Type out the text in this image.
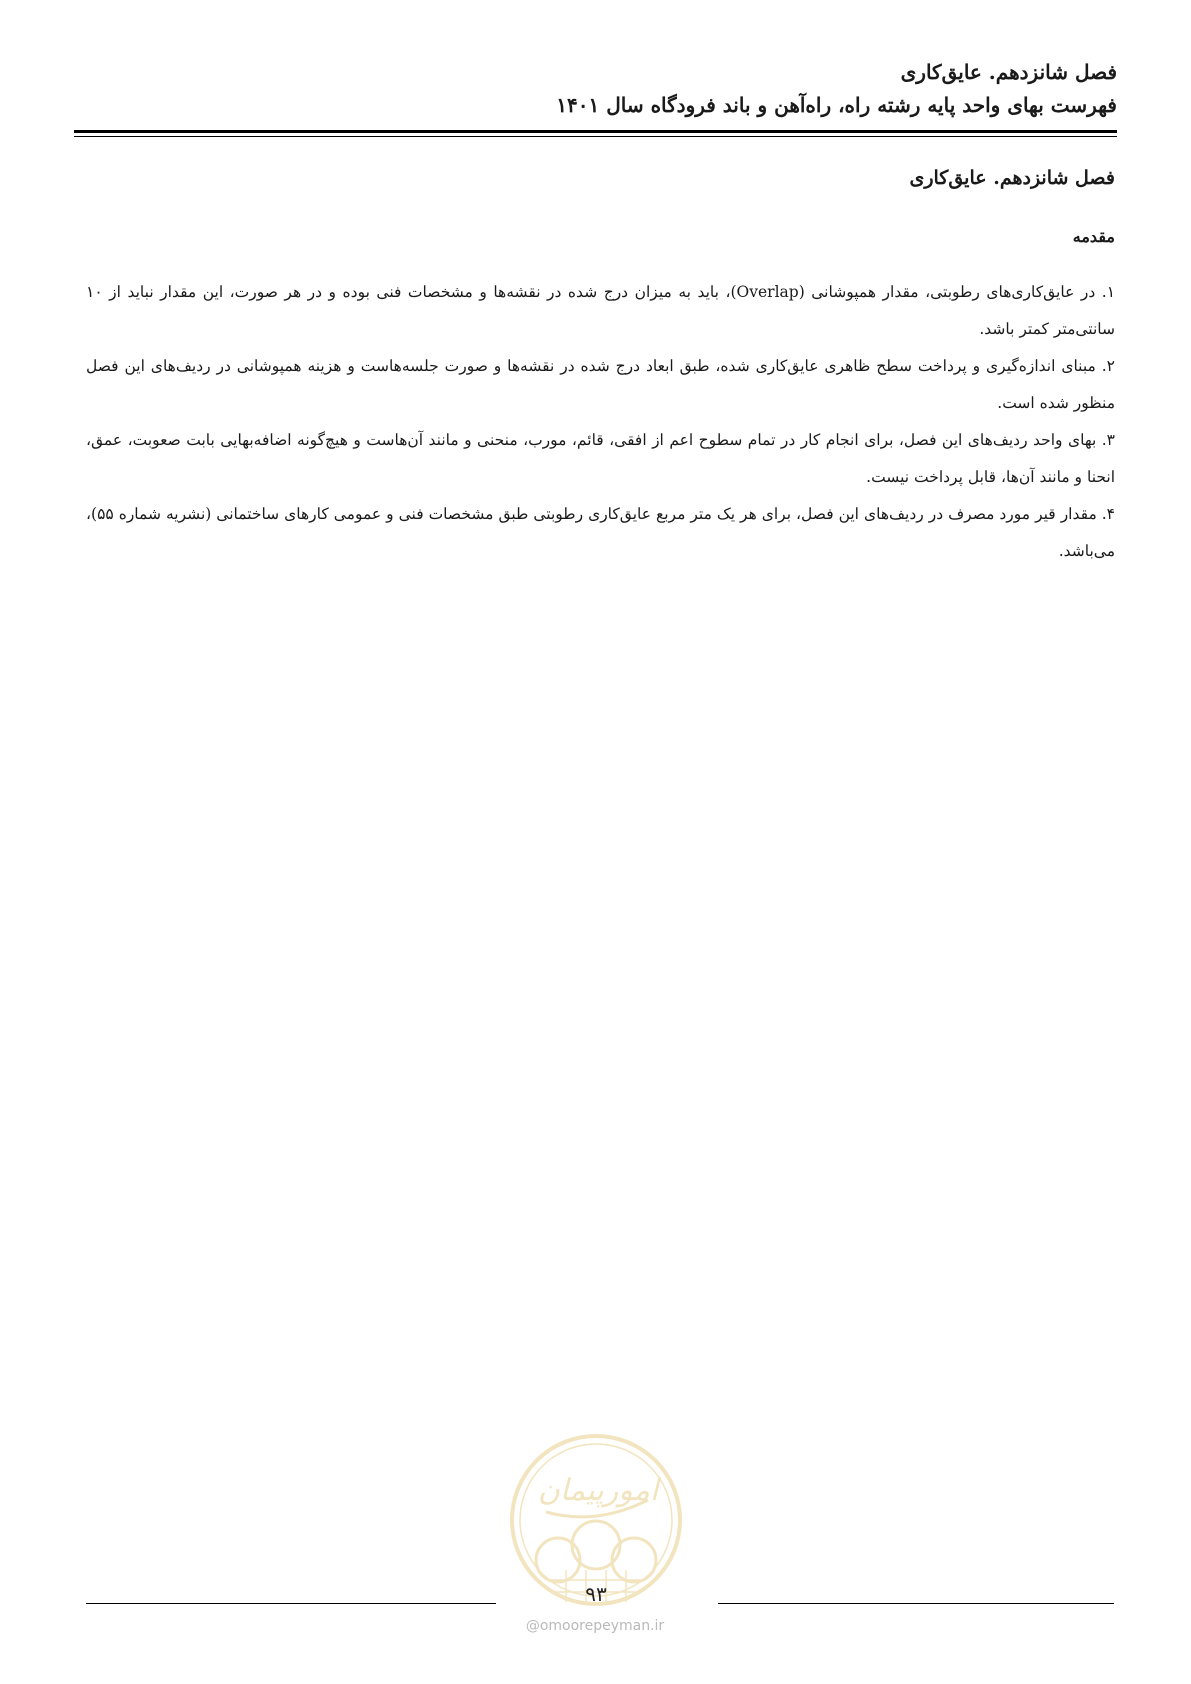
فصل شانزدهم. عایق‌کاری
فهرست بهای واحد پایه رشته راه، راه‌آهن و باند فرودگاه سال ۱۴۰۱
فصل شانزدهم. عایق‌کاری
مقدمه

۱. در عایق‌کاری‌های رطوبتی، مقدار همپوشانی (Overlap)، باید به میزان درج شده در نقشه‌ها و مشخصات فنی بوده و در هر صورت، این مقدار نباید از ۱۰ سانتی‌متر کمتر باشد.

۲. مبنای اندازه‌گیری و پرداخت سطح ظاهری عایق‌کاری شده، طبق ابعاد درج شده در نقشه‌ها و صورت جلسه‌هاست و هزینه همپوشانی در ردیف‌های این فصل منظور شده است.

۳. بهای واحد ردیف‌های این فصل، برای انجام کار در تمام سطوح اعم از افقی، قائم، مورب، منحنی و مانند آن‌هاست و هیچ‌گونه اضافه‌بهایی بابت صعوبت، عمق، انحنا و مانند آن‌ها، قابل پرداخت نیست.

۴. مقدار قیر مورد مصرف در ردیف‌های این فصل، برای هر یک متر مربع عایق‌کاری رطوبتی طبق مشخصات فنی و عمومی کارهای ساختمانی (نشریه شماره ۵۵)، می‌باشد.

امورپیمان
۹۳
@omoorepeyman.ir
